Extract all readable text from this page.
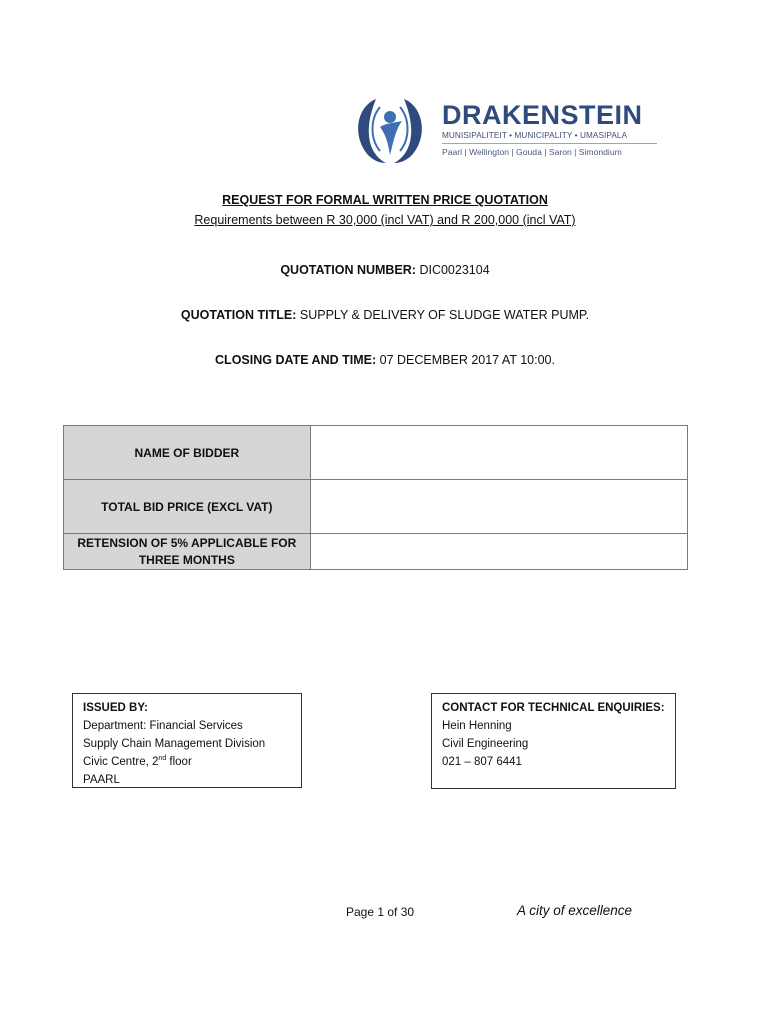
DRAKENSTEIN
MUNISIPALITEIT • MUNICIPALITY • UMASIPALA
Paarl | Wellington | Gouda | Saron | Simondium
REQUEST FOR FORMAL WRITTEN PRICE QUOTATION
Requirements between R 30,000 (incl VAT) and R 200,000 (incl VAT)
QUOTATION NUMBER: DIC0023104
QUOTATION TITLE: SUPPLY & DELIVERY OF SLUDGE WATER PUMP.
CLOSING DATE AND TIME: 07 DECEMBER 2017 AT 10:00.
NAME OF BIDDER	
TOTAL BID PRICE (EXCL VAT)	
RETENSION OF 5% APPLICABLE FOR
THREE MONTHS	
ISSUED BY:
Department: Financial Services
Supply Chain Management Division
Civic Centre, 2nd floor
PAARL
CONTACT FOR TECHNICAL ENQUIRIES:
Hein Henning
Civil Engineering
021 – 807 6441
Page 1 of 30	A city of excellence
